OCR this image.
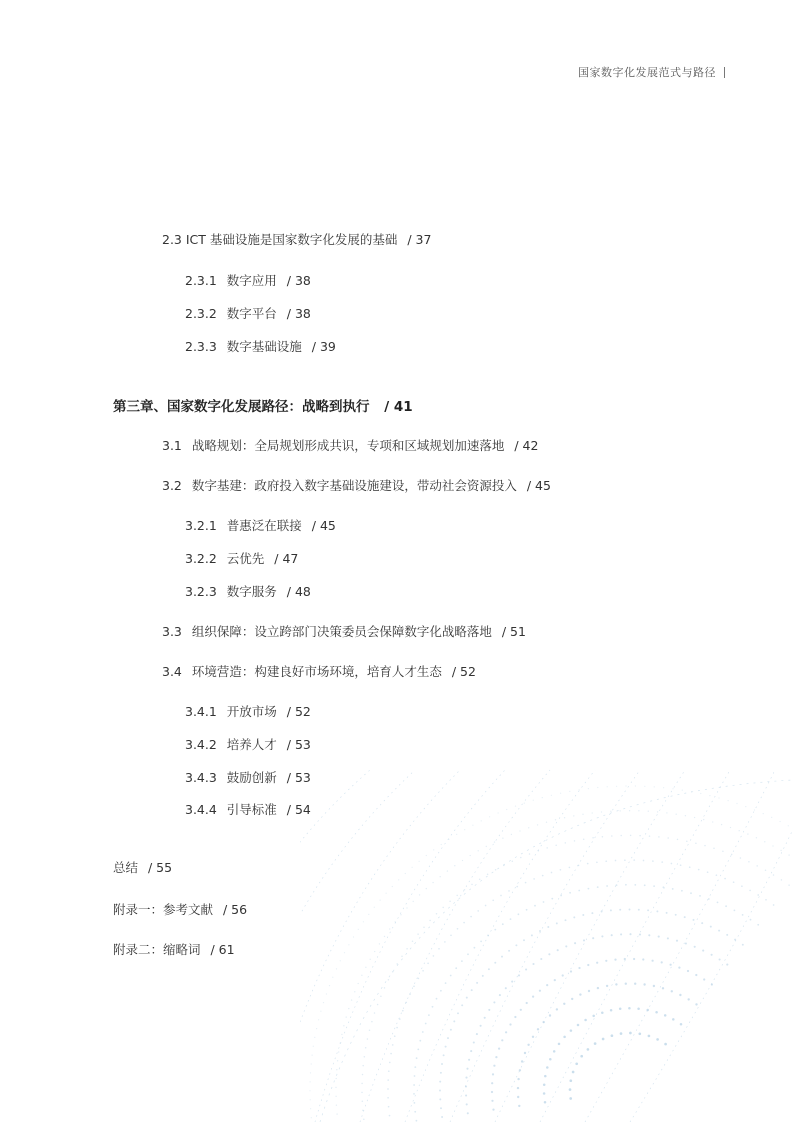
国家数字化发展范式与路径
2.3 ICT 基础设施是国家数字化发展的基础 / 37
2.3.1 数字应用 / 38
2.3.2 数字平台 / 38
2.3.3 数字基础设施 / 39
第三章、国家数字化发展路径：战略到执行 / 41
3.1 战略规划：全局规划形成共识，专项和区域规划加速落地 / 42
3.2 数字基建：政府投入数字基础设施建设，带动社会资源投入 / 45
3.2.1 普惠泛在联接 / 45
3.2.2 云优先 / 47
3.2.3 数字服务 / 48
3.3 组织保障：设立跨部门决策委员会保障数字化战略落地 / 51
3.4 环境营造：构建良好市场环境，培育人才生态 / 52
3.4.1 开放市场 / 52
3.4.2 培养人才 / 53
3.4.3 鼓励创新 / 53
3.4.4 引导标准 / 54
总结 / 55
附录一：参考文献 / 56
附录二：缩略词 / 61
